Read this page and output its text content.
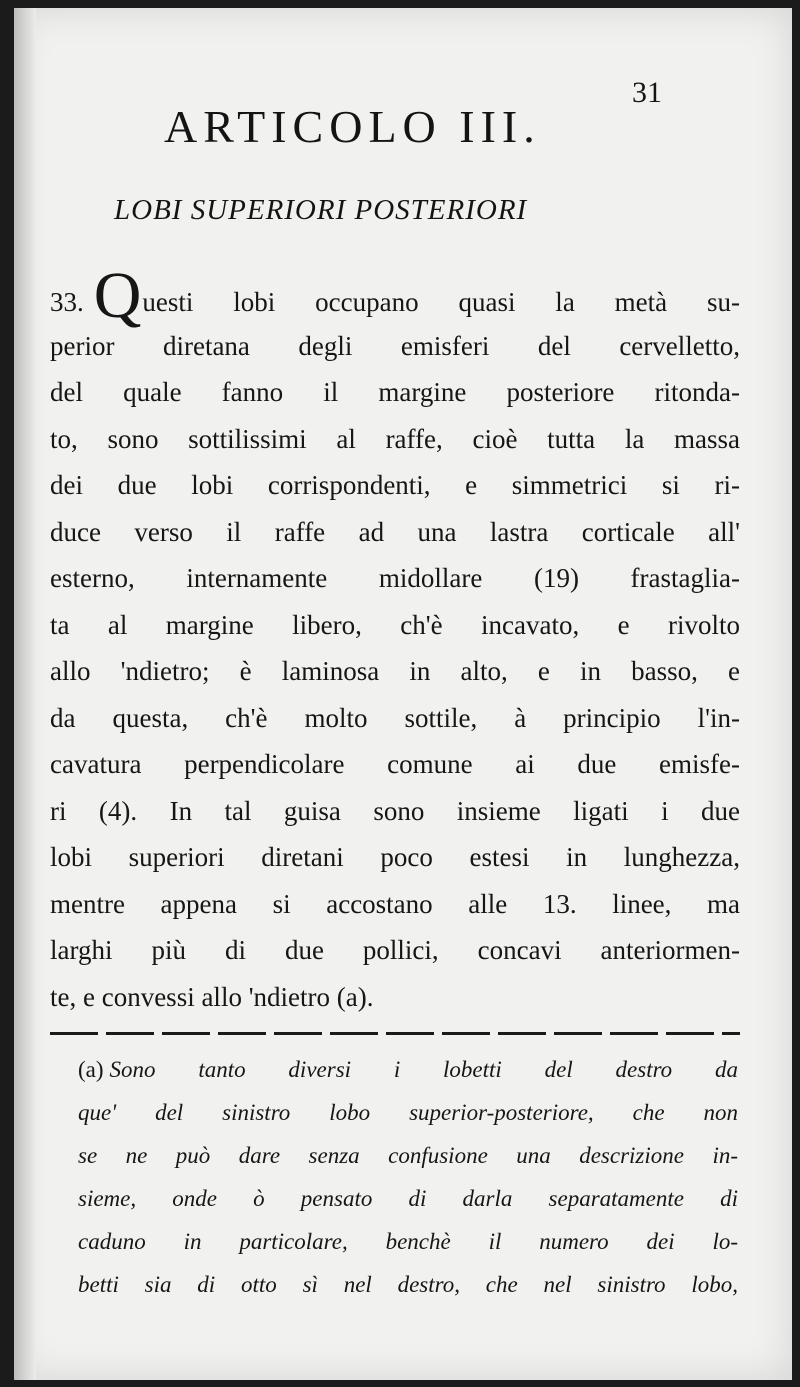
31
ARTICOLO III.
LOBI SUPERIORI POSTERIORI
33. Questi lobi occupano quasi la metà su-
perior diretana degli emisferi del cervelletto,
del quale fanno il margine posteriore ritonda-
to, sono sottilissimi al raffe, cioè tutta la massa
dei due lobi corrispondenti, e simmetrici si ri-
duce verso il raffe ad una lastra corticale all'
esterno, internamente midollare (19) frastaglia-
ta al margine libero, ch'è incavato, e rivolto
allo 'ndietro; è laminosa in alto, e in basso, e
da questa, ch'è molto sottile, à principio l'in-
cavatura perpendicolare comune ai due emisfe-
ri (4). In tal guisa sono insieme ligati i due
lobi superiori diretani poco estesi in lunghezza,
mentre appena si accostano alle 13. linee, ma
larghi più di due pollici, concavi anteriormen-
te, e convessi allo 'ndietro (a).
(a) Sono tanto diversi i lobetti del destro da
que' del sinistro lobo superior-posteriore, che non
se ne può dare senza confusione una descrizione in-
sieme, onde ò pensato di darla separatamente di
caduno in particolare, benchè il numero dei lo-
betti sia di otto sì nel destro, che nel sinistro lobo,
